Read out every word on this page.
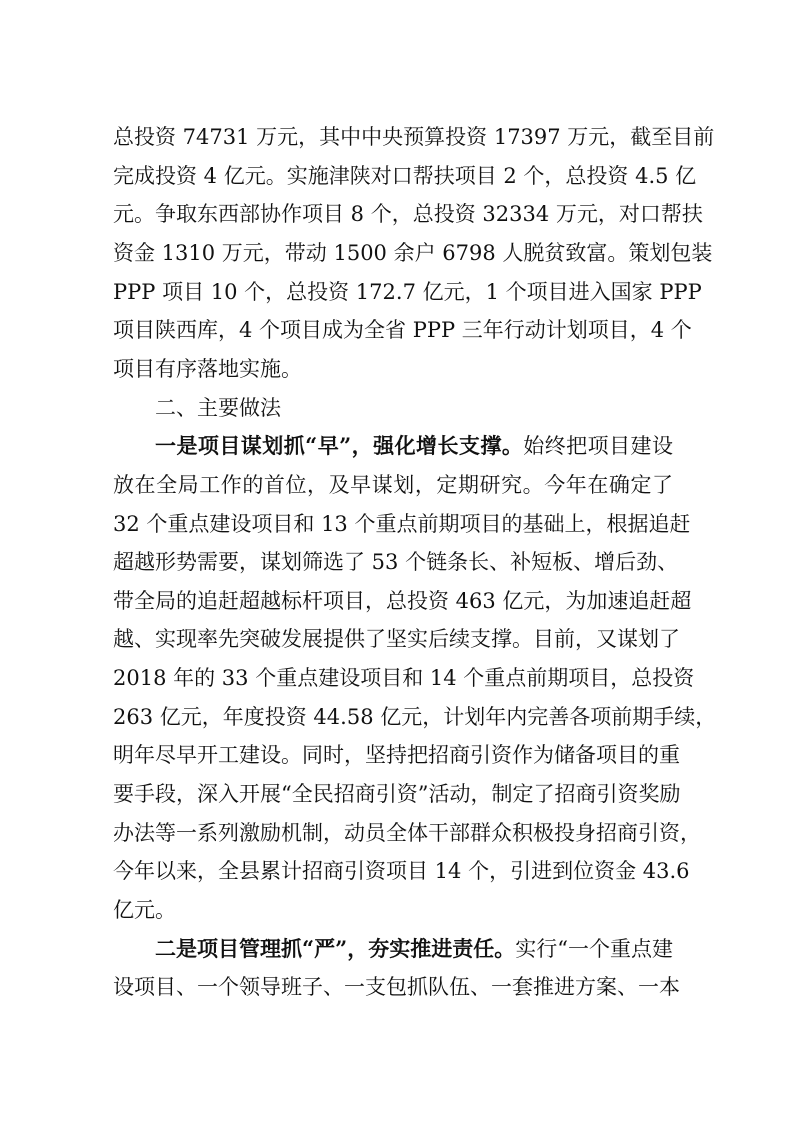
总投资 74731 万元，其中中央预算投资 17397 万元，截至目前
完成投资 4 亿元。实施津陕对口帮扶项目 2 个，总投资 4.5 亿
元。争取东西部协作项目 8 个，总投资 32334 万元，对口帮扶
资金 1310 万元，带动 1500 余户 6798 人脱贫致富。策划包装
PPP 项目 10 个，总投资 172.7 亿元，1 个项目进入国家 PPP
项目陕西库，4 个项目成为全省 PPP 三年行动计划项目，4 个
项目有序落地实施。
二、主要做法
一是项目谋划抓“早”，强化增长支撑。始终把项目建设
放在全局工作的首位，及早谋划，定期研究。今年在确定了
32 个重点建设项目和 13 个重点前期项目的基础上，根据追赶
超越形势需要，谋划筛选了 53 个链条长、补短板、增后劲、
带全局的追赶超越标杆项目，总投资 463 亿元，为加速追赶超
越、实现率先突破发展提供了坚实后续支撑。目前，又谋划了
2018 年的 33 个重点建设项目和 14 个重点前期项目，总投资
263 亿元，年度投资 44.58 亿元，计划年内完善各项前期手续，
明年尽早开工建设。同时，坚持把招商引资作为储备项目的重
要手段，深入开展“全民招商引资”活动，制定了招商引资奖励
办法等一系列激励机制，动员全体干部群众积极投身招商引资，
今年以来，全县累计招商引资项目 14 个，引进到位资金 43.6
亿元。
二是项目管理抓“严”，夯实推进责任。实行“一个重点建
设项目、一个领导班子、一支包抓队伍、一套推进方案、一本
